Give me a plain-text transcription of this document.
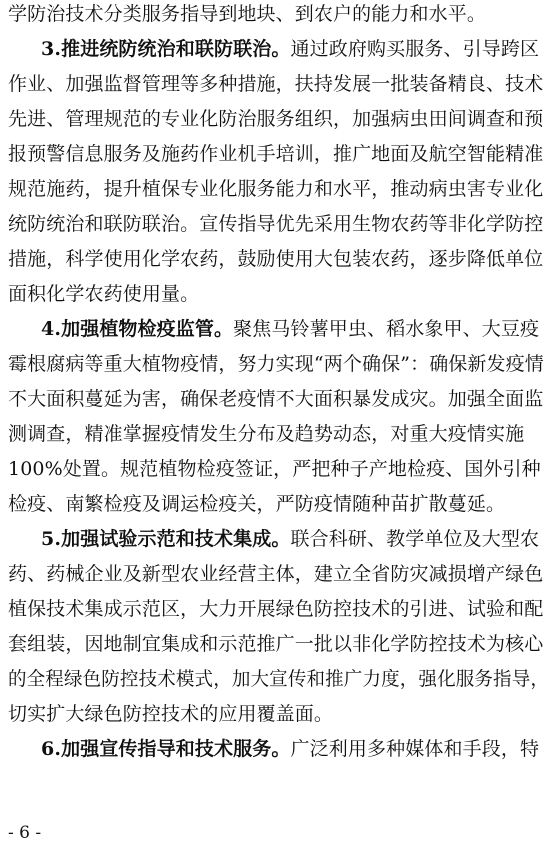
学防治技术分类服务指导到地块、到农户的能力和水平。
3.推进统防统治和联防联治。通过政府购买服务、引导跨区
作业、加强监督管理等多种措施，扶持发展一批装备精良、技术
先进、管理规范的专业化防治服务组织，加强病虫田间调查和预
报预警信息服务及施药作业机手培训，推广地面及航空智能精准
规范施药，提升植保专业化服务能力和水平，推动病虫害专业化
统防统治和联防联治。宣传指导优先采用生物农药等非化学防控
措施，科学使用化学农药，鼓励使用大包装农药，逐步降低单位
面积化学农药使用量。
4.加强植物检疫监管。聚焦马铃薯甲虫、稻水象甲、大豆疫
霉根腐病等重大植物疫情，努力实现“两个确保”：确保新发疫情
不大面积蔓延为害，确保老疫情不大面积暴发成灾。加强全面监
测调查，精准掌握疫情发生分布及趋势动态，对重大疫情实施
100%处置。规范植物检疫签证，严把种子产地检疫、国外引种
检疫、南繁检疫及调运检疫关，严防疫情随种苗扩散蔓延。
5.加强试验示范和技术集成。联合科研、教学单位及大型农
药、药械企业及新型农业经营主体，建立全省防灾减损增产绿色
植保技术集成示范区，大力开展绿色防控技术的引进、试验和配
套组装，因地制宜集成和示范推广一批以非化学防控技术为核心
的全程绿色防控技术模式，加大宣传和推广力度，强化服务指导，
切实扩大绿色防控技术的应用覆盖面。
6.加强宣传指导和技术服务。广泛利用多种媒体和手段，特
- 6 -
